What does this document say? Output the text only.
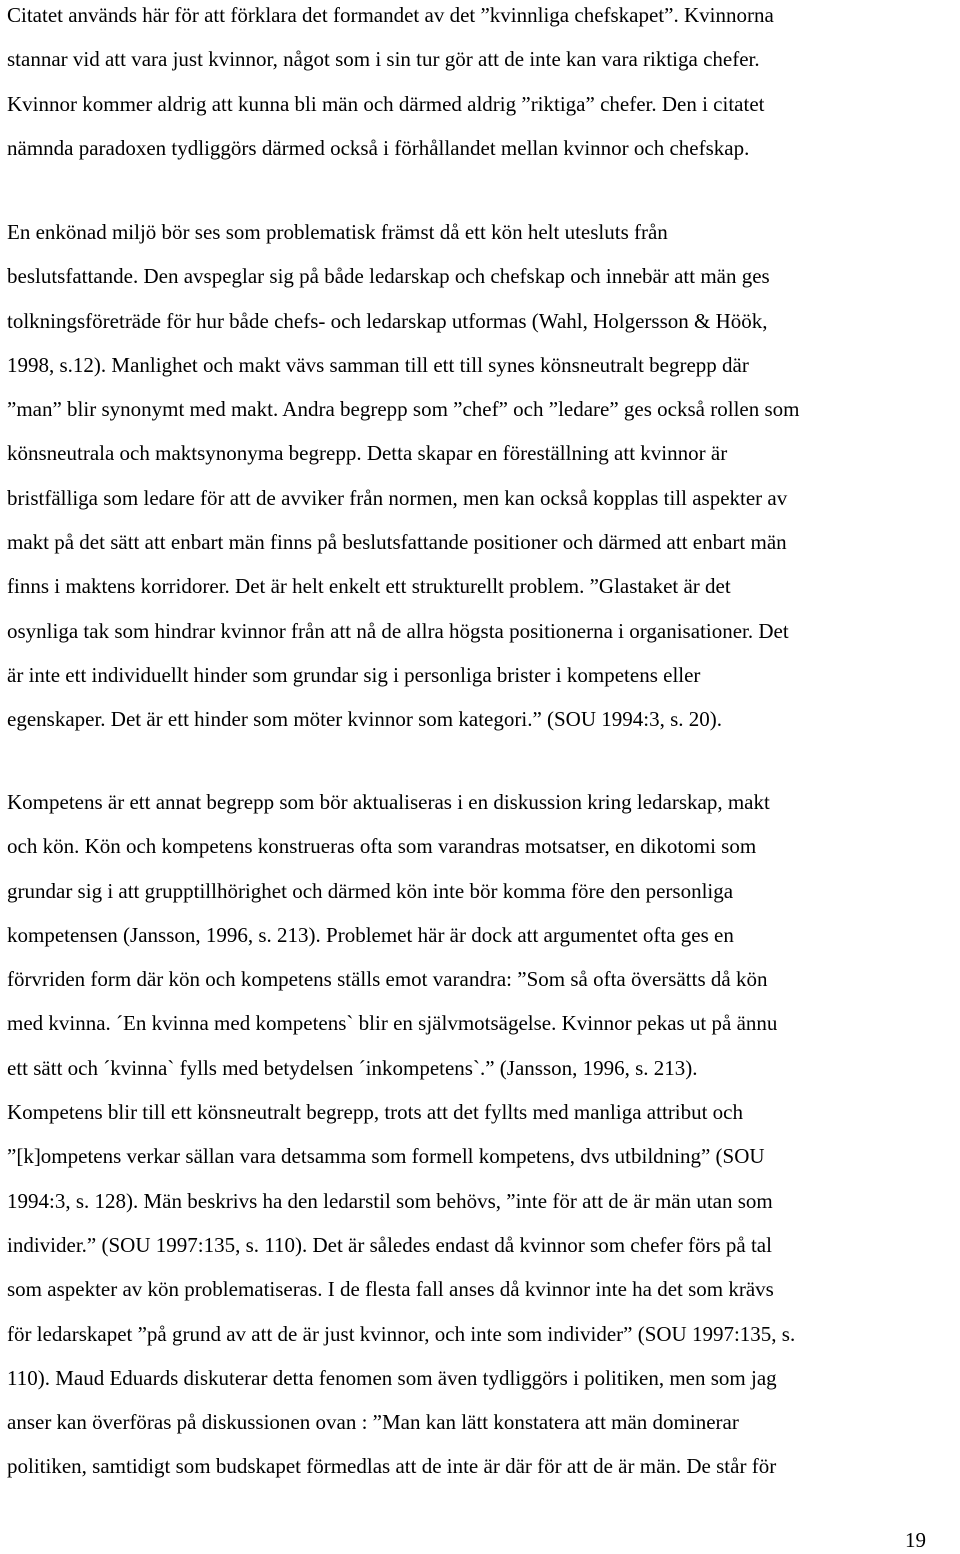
Citatet används här för att förklara det formandet av det ”kvinnliga chefskapet”. Kvinnorna
stannar vid att vara just kvinnor, något som i sin tur gör att de inte kan vara riktiga chefer.
Kvinnor kommer aldrig att kunna bli män och därmed aldrig ”riktiga” chefer. Den i citatet
nämnda paradoxen tydliggörs därmed också i förhållandet mellan kvinnor och chefskap.
En enkönad miljö bör ses som problematisk främst då ett kön helt utesluts från
beslutsfattande. Den avspeglar sig på både ledarskap och chefskap och innebär att män ges
tolkningsföreträde för hur både chefs- och ledarskap utformas (Wahl, Holgersson & Höök,
1998, s.12). Manlighet och makt vävs samman till ett till synes könsneutralt begrepp där
”man” blir synonymt med makt. Andra begrepp som ”chef” och ”ledare” ges också rollen som
könsneutrala och maktsynonyma begrepp. Detta skapar en föreställning att kvinnor är
bristfälliga som ledare för att de avviker från normen, men kan också kopplas till aspekter av
makt på det sätt att enbart män finns på beslutsfattande positioner och därmed att enbart män
finns i maktens korridorer. Det är helt enkelt ett strukturellt problem. ”Glastaket är det
osynliga tak som hindrar kvinnor från att nå de allra högsta positionerna i organisationer. Det
är inte ett individuellt hinder som grundar sig i personliga brister i kompetens eller
egenskaper. Det är ett hinder som möter kvinnor som kategori.” (SOU 1994:3, s. 20).
Kompetens är ett annat begrepp som bör aktualiseras i en diskussion kring ledarskap, makt
och kön. Kön och kompetens konstrueras ofta som varandras motsatser, en dikotomi som
grundar sig i att grupptillhörighet och därmed kön inte bör komma före den personliga
kompetensen (Jansson, 1996, s. 213). Problemet här är dock att argumentet ofta ges en
förvriden form där kön och kompetens ställs emot varandra: ”Som så ofta översätts då kön
med kvinna. ´En kvinna med kompetens` blir en självmotsägelse. Kvinnor pekas ut på ännu
ett sätt och ´kvinna` fylls med betydelsen ´inkompetens`.” (Jansson, 1996, s. 213).
Kompetens blir till ett könsneutralt begrepp, trots att det fyllts med manliga attribut och
”[k]ompetens verkar sällan vara detsamma som formell kompetens, dvs utbildning” (SOU
1994:3, s. 128). Män beskrivs ha den ledarstil som behövs, ”inte för att de är män utan som
individer.” (SOU 1997:135, s. 110). Det är således endast då kvinnor som chefer förs på tal
som aspekter av kön problematiseras. I de flesta fall anses då kvinnor inte ha det som krävs
för ledarskapet ”på grund av att de är just kvinnor, och inte som individer” (SOU 1997:135, s.
110). Maud Eduards diskuterar detta fenomen som även tydliggörs i politiken, men som jag
anser kan överföras på diskussionen ovan : ”Man kan lätt konstatera att män dominerar
politiken, samtidigt som budskapet förmedlas att de inte är där för att de är män. De står för
19
